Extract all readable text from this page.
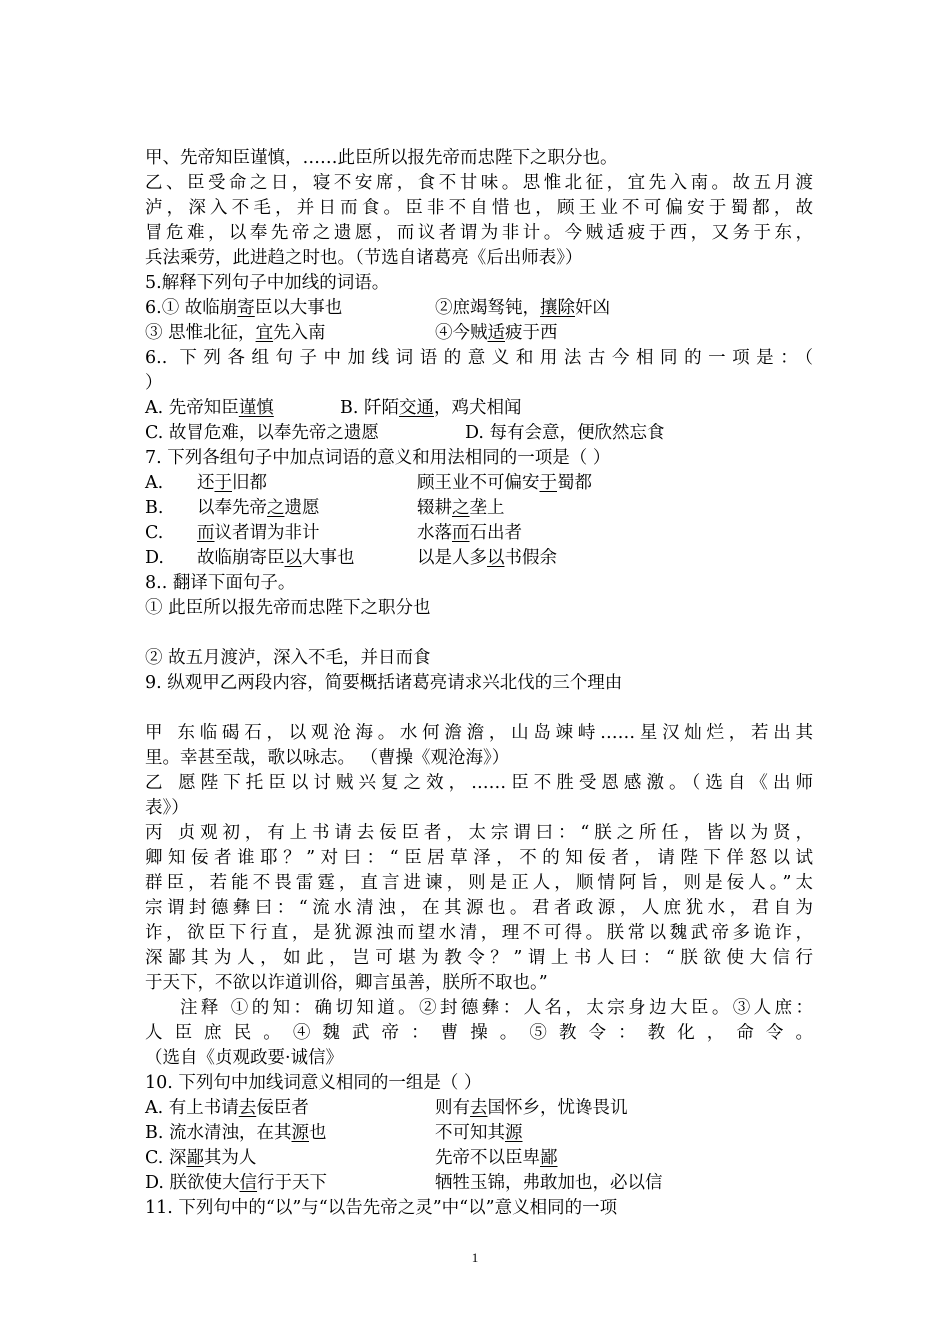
甲、先帝知臣谨慎，……此臣所以报先帝而忠陛下之职分也。

乙、臣受命之日，寝不安席，食不甘味。思惟北征，宜先入南。故五月渡

泸，深入不毛，并日而食。臣非不自惜也，顾王业不可偏安于蜀都，故

冒危难，以奉先帝之遗愿，而议者谓为非计。今贼适疲于西，又务于东，

兵法乘劳，此进趋之时也。（节选自诸葛亮《后出师表》）

5.解释下列句子中加线的词语。

6.① 故临崩寄臣以大事也	②庶竭驽钝，攘除奸凶

③ 思惟北征，宜先入南	④今贼适疲于西

6.. 下列各组句子中加线词语的意义和用法古今相同的一项是：（

）

A. 先帝知臣谨慎	B. 阡陌交通，鸡犬相闻

C. 故冒危难，以奉先帝之遗愿	D. 每有会意，便欣然忘食

7. 下列各组句子中加点词语的意义和用法相同的一项是（ ）

A. 还于旧都	顾王业不可偏安于蜀都

B. 以奉先帝之遗愿	辍耕之垄上

C. 而议者谓为非计	水落而石出者

D. 故临崩寄臣以大事也	以是人多以书假余

8.. 翻译下面句子。

① 此臣所以报先帝而忠陛下之职分也

② 故五月渡泸，深入不毛，并日而食

9. 纵观甲乙两段内容，简要概括诸葛亮请求兴北伐的三个理由

甲 东临碣石，以观沧海。水何澹澹，山岛竦峙……星汉灿烂，若出其

里。幸甚至哉，歌以咏志。 （曹操《观沧海》）

乙 愿陛下托臣以讨贼兴复之效，……臣不胜受恩感激。（选自《出师

表》）

丙 贞观初，有上书请去佞臣者，太宗谓曰：“朕之所任，皆以为贤，

卿知佞者谁耶？”对曰：“臣居草泽，不的知佞者，请陛下佯怒以试

群臣，若能不畏雷霆，直言进谏，则是正人，顺情阿旨，则是佞人。”太

宗谓封德彝曰：“流水清浊，在其源也。君者政源，人庶犹水，君自为

诈，欲臣下行直，是犹源浊而望水清，理不可得。朕常以魏武帝多诡诈，

深鄙其为人，如此，岂可堪为教令？”谓上书人曰：“朕欲使大信行

于天下，不欲以诈道训俗，卿言虽善，朕所不取也。”

注释 ①的知：确切知道。②封德彝：人名，太宗身边大臣。③人庶：

人 臣 庶 民 。 ④ 魏 武 帝 ： 曹 操 。 ⑤ 教 令 ： 教 化 ， 命 令 。

（选自《贞观政要·诚信》

10. 下列句中加线词意义相同的一组是（ ）

A. 有上书请去佞臣者	则有去国怀乡，忧谗畏讥

B. 流水清浊，在其源也	不可知其源

C. 深鄙其为人	先帝不以臣卑鄙

D. 朕欲使大信行于天下	牺牲玉锦，弗敢加也，必以信

11. 下列句中的“以”与“以告先帝之灵”中“以”意义相同的一项

1
